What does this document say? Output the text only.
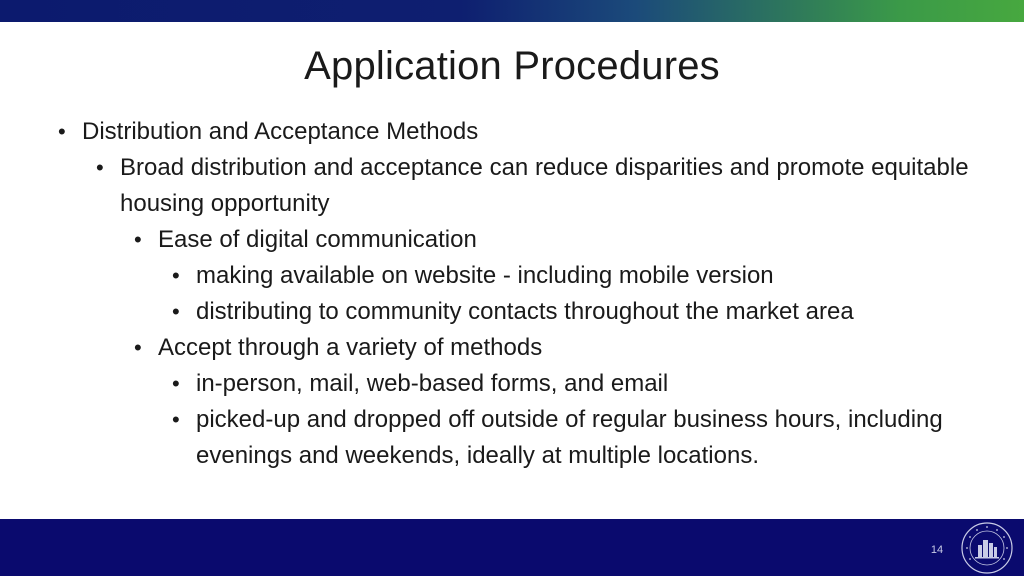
Application Procedures
• Distribution and Acceptance Methods
• Broad distribution and acceptance can reduce disparities and promote equitable housing opportunity
• Ease of digital communication
• making available on website - including mobile version
• distributing to community contacts throughout the market area
• Accept through a variety of methods
• in-person, mail, web-based forms, and email
• picked-up and dropped off outside of regular business hours, including evenings and weekends, ideally at multiple locations.
14
